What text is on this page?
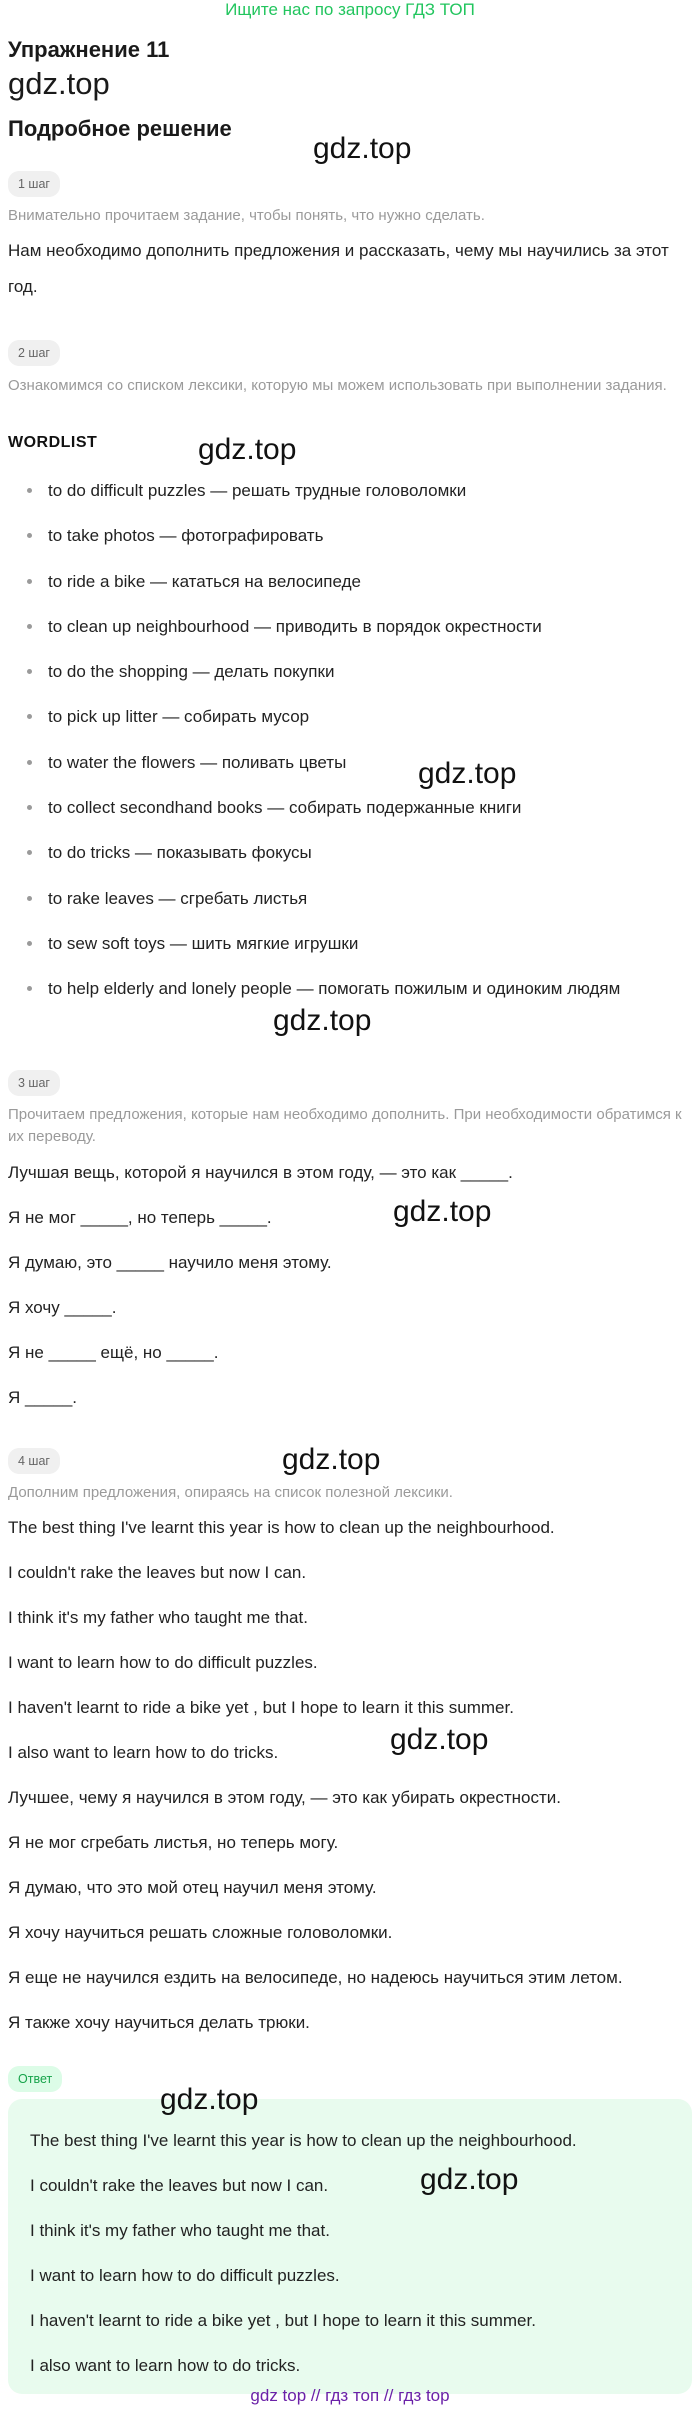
Ищите нас по запросу ГДЗ ТОП
Упражнение 11
gdz.top
Подробное решение
gdz.top
gdz.top
gdz.top
gdz.top
gdz.top
gdz.top
gdz.top
1 шаг
Внимательно прочитаем задание, чтобы понять, что нужно сделать.
Нам необходимо дополнить предложения и рассказать, чему мы научились за этот год.
2 шаг
Ознакомимся со списком лексики, которую мы можем использовать при выполнении задания.
WORDLIST
to do difficult puzzles — решать трудные головоломки
to take photos — фотографировать
to ride a bike — кататься на велосипеде
to clean up neighbourhood — приводить в порядок окрестности
to do the shopping — делать покупки
to pick up litter — собирать мусор
to water the flowers — поливать цветы
to collect secondhand books — собирать подержанные книги
to do tricks — показывать фокусы
to rake leaves — сгребать листья
to sew soft toys — шить мягкие игрушки
to help elderly and lonely people — помогать пожилым и одиноким людям
3 шаг
Прочитаем предложения, которые нам необходимо дополнить. При необходимости обратимся к их переводу.
Лучшая вещь, которой я научился в этом году, — это как _____.
Я не мог _____, но теперь _____.
Я думаю, это _____ научило меня этому.
Я хочу _____.
Я не _____ ещё, но _____.
Я _____.
4 шаг
Дополним предложения, опираясь на список полезной лексики.
The best thing I've learnt this year is how to clean up the neighbourhood.
I couldn't rake the leaves but now I can.
I think it's my father who taught me that.
I want to learn how to do difficult puzzles.
I haven't learnt to ride a bike yet , but I hope to learn it this summer.
I also want to learn how to do tricks.
Лучшее, чему я научился в этом году, — это как убирать окрестности.
Я не мог сгребать листья, но теперь могу.
Я думаю, что это мой отец научил меня этому.
Я хочу научиться решать сложные головоломки.
Я еще не научился ездить на велосипеде, но надеюсь научиться этим летом.
Я также хочу научиться делать трюки.
Ответ
gdz.top
The best thing I've learnt this year is how to clean up the neighbourhood.
I couldn't rake the leaves but now I can.	gdz.top
I think it's my father who taught me that.
I want to learn how to do difficult puzzles.
I haven't learnt to ride a bike yet , but I hope to learn it this summer.
I also want to learn how to do tricks.
gdz top // гдз топ // гдз top
